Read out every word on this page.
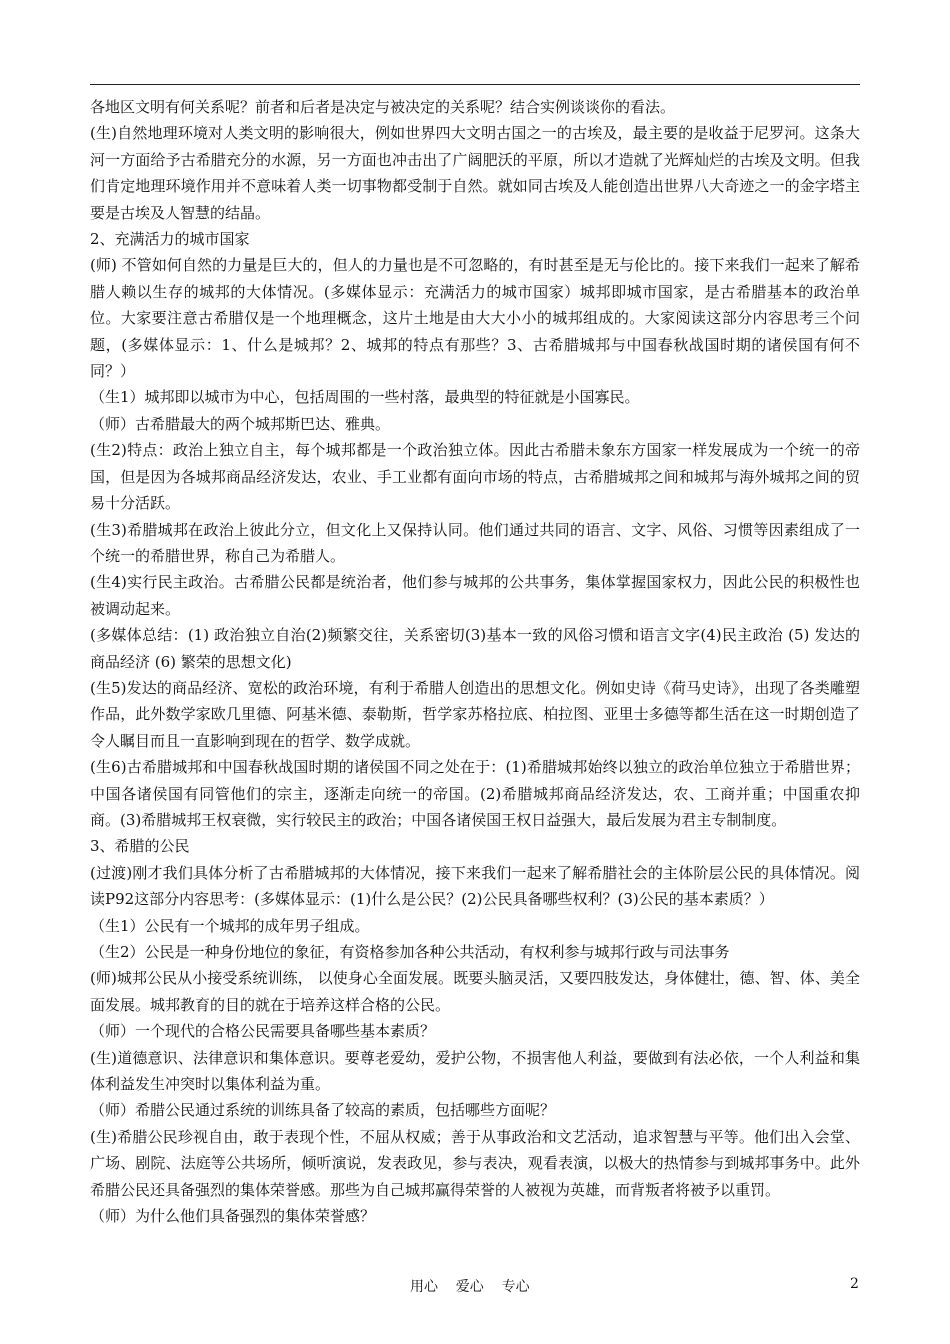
各地区文明有何关系呢？前者和后者是决定与被决定的关系呢？结合实例谈谈你的看法。

(生)自然地理环境对人类文明的影响很大，例如世界四大文明古国之一的古埃及，最主要的是收益于尼罗河。这条大河一方面给予古希腊充分的水源，另一方面也冲击出了广阔肥沃的平原，所以才造就了光辉灿烂的古埃及文明。但我们肯定地理环境作用并不意味着人类一切事物都受制于自然。就如同古埃及人能创造出世界八大奇迹之一的金字塔主要是古埃及人智慧的结晶。

2、充满活力的城市国家

(师) 不管如何自然的力量是巨大的，但人的力量也是不可忽略的，有时甚至是无与伦比的。接下来我们一起来了解希腊人赖以生存的城邦的大体情况。(多媒体显示：充满活力的城市国家）城邦即城市国家，是古希腊基本的政治单位。大家要注意古希腊仅是一个地理概念，这片土地是由大大小小的城邦组成的。大家阅读这部分内容思考三个问题，(多媒体显示：1、什么是城邦？2、城邦的特点有那些？3、古希腊城邦与中国春秋战国时期的诸侯国有何不同？）

（生1）城邦即以城市为中心，包括周围的一些村落，最典型的特征就是小国寡民。

（师）古希腊最大的两个城邦斯巴达、雅典。

(生2)特点：政治上独立自主，每个城邦都是一个政治独立体。因此古希腊未象东方国家一样发展成为一个统一的帝国，但是因为各城邦商品经济发达，农业、手工业都有面向市场的特点，古希腊城邦之间和城邦与海外城邦之间的贸易十分活跃。

(生3)希腊城邦在政治上彼此分立，但文化上又保持认同。他们通过共同的语言、文字、风俗、习惯等因素组成了一个统一的希腊世界，称自己为希腊人。

(生4)实行民主政治。古希腊公民都是统治者，他们参与城邦的公共事务，集体掌握国家权力，因此公民的积极性也被调动起来。

(多媒体总结：(1) 政治独立自治(2)频繁交往，关系密切(3)基本一致的风俗习惯和语言文字(4)民主政治 (5) 发达的商品经济 (6) 繁荣的思想文化)

(生5)发达的商品经济、宽松的政治环境，有利于希腊人创造出的思想文化。例如史诗《荷马史诗》，出现了各类雕塑作品，此外数学家欧几里德、阿基米德、泰勒斯，哲学家苏格拉底、柏拉图、亚里士多德等都生活在这一时期创造了令人瞩目而且一直影响到现在的哲学、数学成就。

(生6)古希腊城邦和中国春秋战国时期的诸侯国不同之处在于：(1)希腊城邦始终以独立的政治单位独立于希腊世界；中国各诸侯国有同管他们的宗主，逐渐走向统一的帝国。(2)希腊城邦商品经济发达，农、工商并重；中国重农抑商。(3)希腊城邦王权衰微，实行较民主的政治；中国各诸侯国王权日益强大，最后发展为君主专制制度。

3、希腊的公民

(过渡)刚才我们具体分析了古希腊城邦的大体情况，接下来我们一起来了解希腊社会的主体阶层公民的具体情况。阅读P92这部分内容思考：(多媒体显示：(1)什么是公民？(2)公民具备哪些权利？(3)公民的基本素质？）

（生1）公民有一个城邦的成年男子组成。

（生2）公民是一种身份地位的象征，有资格参加各种公共活动，有权利参与城邦行政与司法事务

(师)城邦公民从小接受系统训练， 以使身心全面发展。既要头脑灵活，又要四肢发达，身体健壮，德、智、体、美全面发展。城邦教育的目的就在于培养这样合格的公民。

（师）一个现代的合格公民需要具备哪些基本素质？

(生)道德意识、法律意识和集体意识。要尊老爱幼，爱护公物，不损害他人利益，要做到有法必依，一个人利益和集体利益发生冲突时以集体利益为重。

（师）希腊公民通过系统的训练具备了较高的素质，包括哪些方面呢？

(生)希腊公民珍视自由，敢于表现个性，不屈从权威；善于从事政治和文艺活动，追求智慧与平等。他们出入会堂、广场、剧院、法庭等公共场所，倾听演说，发表政见，参与表决，观看表演，以极大的热情参与到城邦事务中。此外希腊公民还具备强烈的集体荣誉感。那些为自己城邦赢得荣誉的人被视为英雄，而背叛者将被予以重罚。

（师）为什么他们具备强烈的集体荣誉感？

用心    爱心    专心	2
